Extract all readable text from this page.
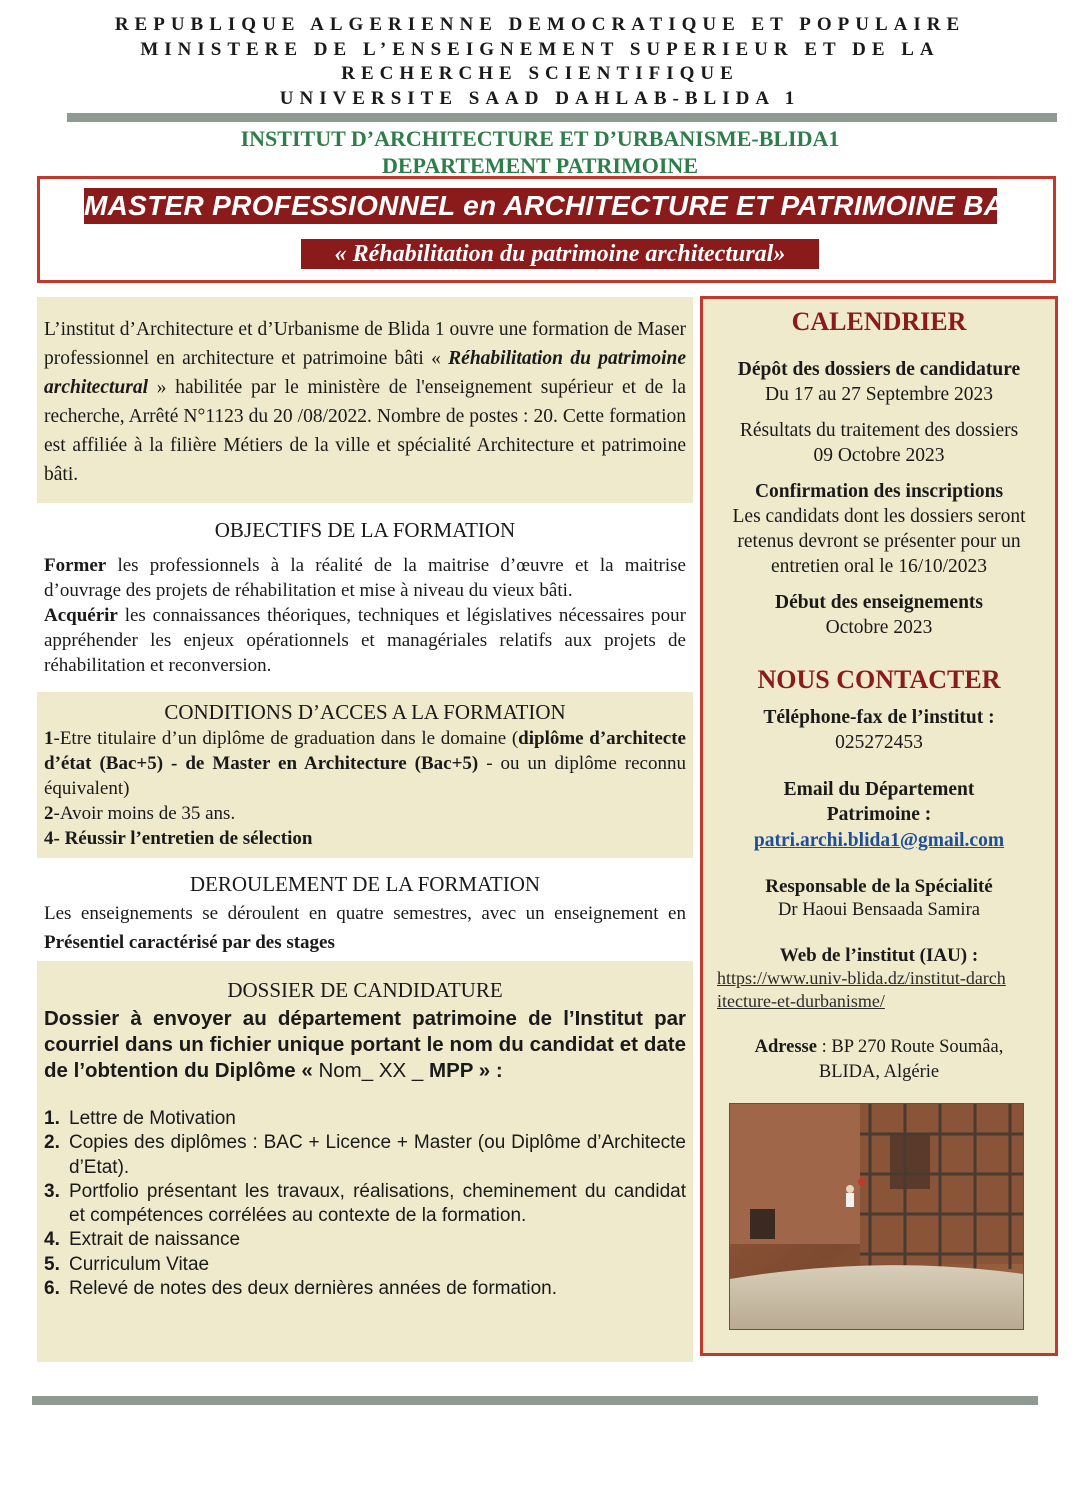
REPUBLIQUE ALGERIENNE DEMOCRATIQUE ET POPULAIRE
MINISTERE DE L’ENSEIGNEMENT SUPERIEUR ET DE LA
RECHERCHE SCIENTIFIQUE
UNIVERSITE SAAD DAHLAB-BLIDA 1
INSTITUT D’ARCHITECTURE ET D’URBANISME-BLIDA1
DEPARTEMENT PATRIMOINE
MASTER PROFESSIONNEL en ARCHITECTURE ET PATRIMOINE BATI
« Réhabilitation du patrimoine architectural»
L’institut d’Architecture et d’Urbanisme de Blida 1 ouvre une formation de Maser professionnel en architecture et patrimoine bâti « Réhabilitation du patrimoine architectural » habilitée par le ministère de l'enseignement supérieur et de la recherche, Arrêté N°1123 du 20 /08/2022. Nombre de postes : 20. Cette formation est affiliée à la filière Métiers de la ville et spécialité Architecture et patrimoine bâti.
OBJECTIFS DE LA FORMATION
Former les professionnels à la réalité de la maitrise d’œuvre et la maitrise d’ouvrage des projets de réhabilitation et mise à niveau du vieux bâti.
Acquérir les connaissances théoriques, techniques et législatives nécessaires pour appréhender les enjeux opérationnels et managériales relatifs aux projets de réhabilitation et reconversion.
CONDITIONS D’ACCES A LA FORMATION
1-Etre titulaire d’un diplôme de graduation dans le domaine (diplôme d’architecte d’état (Bac+5) - de Master en Architecture (Bac+5) - ou un diplôme reconnu équivalent)
2-Avoir moins de 35 ans.
4- Réussir l’entretien de sélection
DEROULEMENT DE LA FORMATION
Les enseignements se déroulent en quatre semestres, avec un enseignement en Présentiel caractérisé par des stages
DOSSIER DE CANDIDATURE
Dossier à envoyer au département patrimoine de l’Institut par courriel dans un fichier unique portant le nom du candidat et date de l’obtention du Diplôme « Nom_ XX _ MPP » :
1. Lettre de Motivation
2. Copies des diplômes : BAC + Licence + Master (ou Diplôme d’Architecte d’Etat).
3. Portfolio présentant les travaux, réalisations, cheminement du candidat et compétences corrélées au contexte de la formation.
4. Extrait de naissance
5. Curriculum Vitae
6. Relevé de notes des deux dernières années de formation.
CALENDRIER
Dépôt des dossiers de candidature
Du 17 au 27 Septembre 2023
Résultats du traitement des dossiers
09 Octobre 2023
Confirmation des inscriptions
Les candidats dont les dossiers seront retenus devront se présenter pour un entretien oral le 16/10/2023
Début des enseignements
Octobre 2023
NOUS CONTACTER
Téléphone-fax de l’institut :
025272453
Email du Département Patrimoine :
patri.archi.blida1@gmail.com
Responsable de la Spécialité
Dr Haoui Bensaada Samira
Web de l’institut (IAU) :
https://www.univ-blida.dz/institut-darchitecture-et-durbanisme/
Adresse : BP 270 Route Soumâa, BLIDA, Algérie
